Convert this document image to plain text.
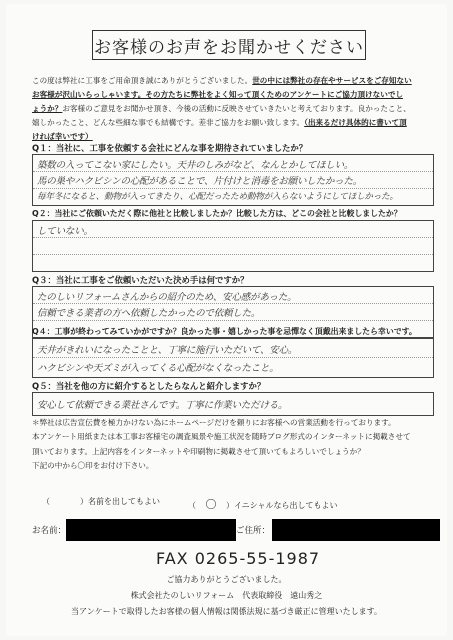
お客様のお声をお聞かせください
この度は弊社に工事をご用命頂き誠にありがとうございました。世の中には弊社の存在やサービスをご存知ない
お客様が沢山いらっしゃいます。その方たちに弊社をよく知って頂くためのアンケートにご協力頂けないでし
ょうか？お客様のご意見をお聞かせ頂き、今後の活動に反映させていきたいと考えております。良かったこと、
嬉しかったこと、どんな些細な事でも結構です。差非ご協力をお願い致します。（出来るだけ具体的に書いて頂
ければ幸いです）
Q１：当社に、工事を依頼する会社にどんな事を期待されていましたか？
築数の入ってこない家にしたい。天井のしみがなど、なんとかしてほしい。
馬の巣やハクビシンの心配があることで、片付けと消毒をお願いしたかった。
毎年冬になると、動物が入ってきたり、心配だったため動物が入らないようにしてほしかった。
Q２：当社にご依頼いただく際に他社と比較しましたか？比較した方は、どこの会社と比較しましたか？
していない。
Q３：当社に工事をご依頼いただいた決め手は何ですか？
たのしいリフォームさんからの紹介のため、安心感があった。
信頼できる業者の方へ依頼したかったので依頼した。
Q４：工事が終わってみていかがですか？良かった事・嬉しかった事を忌憚なく頂戴出来ましたら幸いです。
天井がきれいになったことと、丁寧に施行いただいて、安心。
ハクビシンや天ズミが入ってくる心配がなくなったこと。
Q５：当社を他の方に紹介するとしたらなんと紹介しますか？
安心して依頼できる業社さんです。丁寧に作業いただける。
＊弊社は広告宣伝費を極力かけない為にホームページだけを頼りにお客様への営業活動を行っております。
本アンケート用紙または本工事お客様宅の調査風景や施工状況を随時ブログ形式のインターネットに掲載させて
頂いております。上記内容をインターネットや印刷物に掲載させて頂いてもよろしいでしょうか？
下記の中から〇印をお付け下さい。
（	）名前を出してもよい	（ 〇 ）イニシャルなら出してもよい
お名前：	ご住所：
FAX 0265-55-1987
ご協力ありがとうございました。
株式会社たのしいリフォーム　代表取締役　遠山秀之
当アンケートで取得したお客様の個人情報は関係法規に基づき厳正に管理いたします。
